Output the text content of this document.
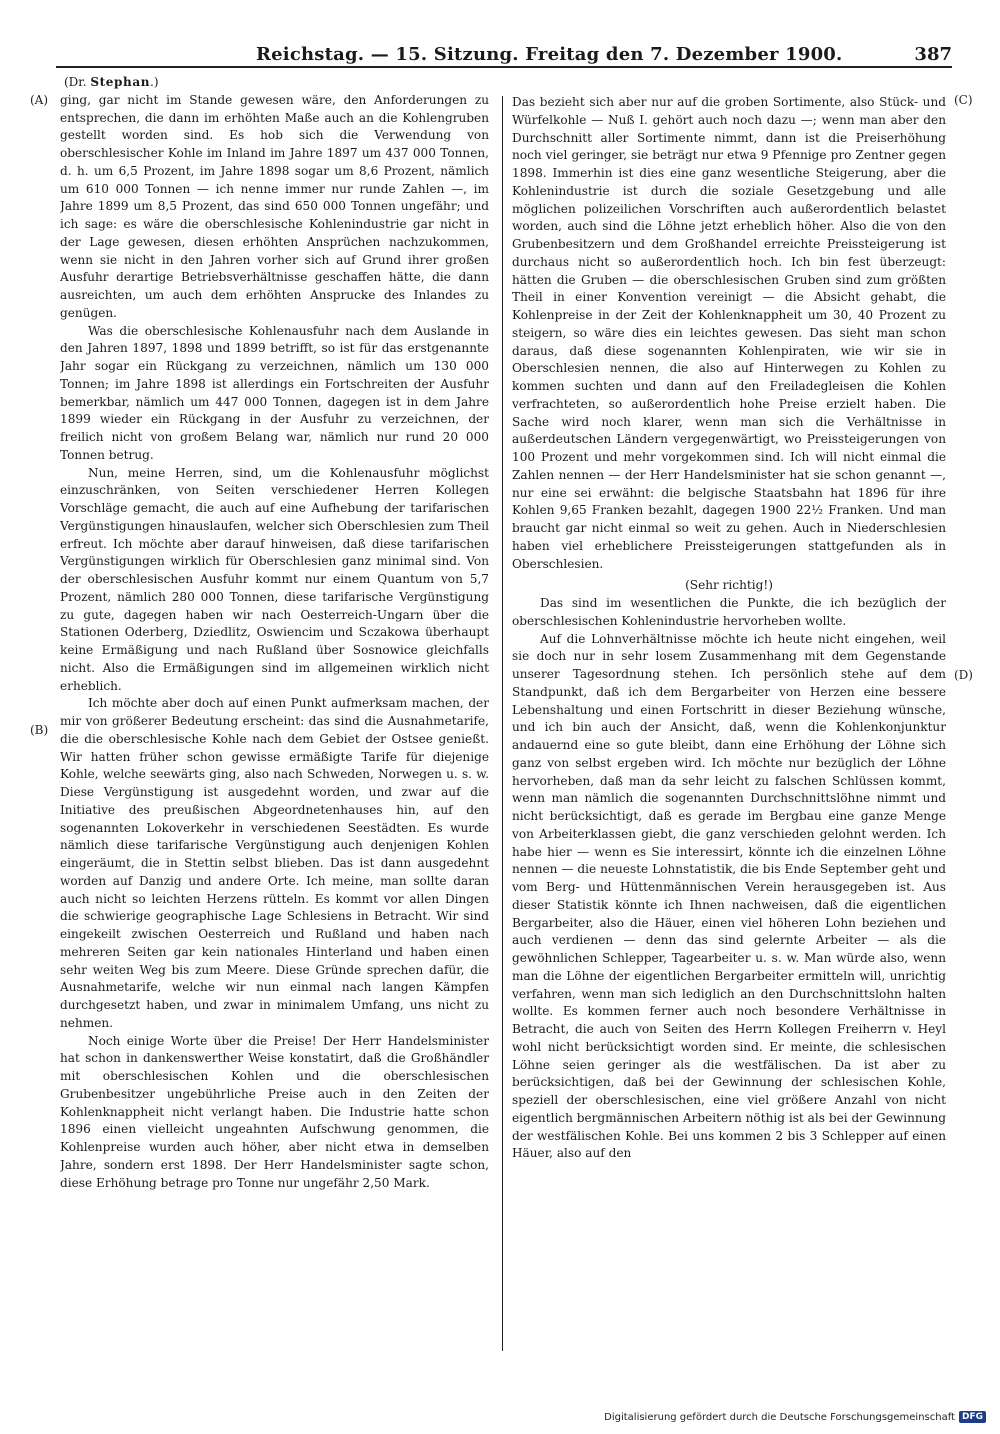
Reichstag. — 15. Sitzung. Freitag den 7. Dezember 1900.	387
(A)
(B)
(C)
(D)
(Dr. Stephan.)

ging, gar nicht im Stande gewesen wäre, den Anforderungen zu entsprechen, die dann im erhöhten Maße auch an die Kohlengruben gestellt worden sind. Es hob sich die Verwendung von oberschlesischer Kohle im Inland im Jahre 1897 um 437 000 Tonnen, d. h. um 6,5 Prozent, im Jahre 1898 sogar um 8,6 Prozent, nämlich um 610 000 Tonnen — ich nenne immer nur runde Zahlen —, im Jahre 1899 um 8,5 Prozent, das sind 650 000 Tonnen ungefähr; und ich sage: es wäre die oberschlesische Kohlenindustrie gar nicht in der Lage gewesen, diesen erhöhten Ansprüchen nachzukommen, wenn sie nicht in den Jahren vorher sich auf Grund ihrer großen Ausfuhr derartige Betriebsverhältnisse geschaffen hätte, die dann ausreichten, um auch dem erhöhten Ansprucke des Inlandes zu genügen.

Was die oberschlesische Kohlenausfuhr nach dem Auslande in den Jahren 1897, 1898 und 1899 betrifft, so ist für das erstgenannte Jahr sogar ein Rückgang zu verzeichnen, nämlich um 130 000 Tonnen; im Jahre 1898 ist allerdings ein Fortschreiten der Ausfuhr bemerkbar, nämlich um 447 000 Tonnen, dagegen ist in dem Jahre 1899 wieder ein Rückgang in der Ausfuhr zu verzeichnen, der freilich nicht von großem Belang war, nämlich nur rund 20 000 Tonnen betrug.

Nun, meine Herren, sind, um die Kohlenausfuhr möglichst einzuschränken, von Seiten verschiedener Herren Kollegen Vorschläge gemacht, die auch auf eine Aufhebung der tarifarischen Vergünstigungen hinauslaufen, welcher sich Oberschlesien zum Theil erfreut. Ich möchte aber darauf hinweisen, daß diese tarifarischen Vergünstigungen wirklich für Oberschlesien ganz minimal sind. Von der oberschlesischen Ausfuhr kommt nur einem Quantum von 5,7 Prozent, nämlich 280 000 Tonnen, diese tarifarische Vergünstigung zu gute, dagegen haben wir nach Oesterreich-Ungarn über die Stationen Oderberg, Dziedlitz, Oswiencim und Sczakowa überhaupt keine Ermäßigung und nach Rußland über Sosnowice gleichfalls nicht. Also die Ermäßigungen sind im allgemeinen wirklich nicht erheblich.

Ich möchte aber doch auf einen Punkt aufmerksam machen, der mir von größerer Bedeutung erscheint: das sind die Ausnahmetarife, die die oberschlesische Kohle nach dem Gebiet der Ostsee genießt. Wir hatten früher schon gewisse ermäßigte Tarife für diejenige Kohle, welche seewärts ging, also nach Schweden, Norwegen u. s. w. Diese Vergünstigung ist ausgedehnt worden, und zwar auf die Initiative des preußischen Abgeordnetenhauses hin, auf den sogenannten Lokoverkehr in verschiedenen Seestädten. Es wurde nämlich diese tarifarische Vergünstigung auch denjenigen Kohlen eingeräumt, die in Stettin selbst blieben. Das ist dann ausgedehnt worden auf Danzig und andere Orte. Ich meine, man sollte daran auch nicht so leichten Herzens rütteln. Es kommt vor allen Dingen die schwierige geographische Lage Schlesiens in Betracht. Wir sind eingekeilt zwischen Oesterreich und Rußland und haben nach mehreren Seiten gar kein nationales Hinterland und haben einen sehr weiten Weg bis zum Meere. Diese Gründe sprechen dafür, die Ausnahmetarife, welche wir nun einmal nach langen Kämpfen durchgesetzt haben, und zwar in minimalem Umfang, uns nicht zu nehmen.

Noch einige Worte über die Preise! Der Herr Handelsminister hat schon in dankenswerther Weise konstatirt, daß die Großhändler mit oberschlesischen Kohlen und die oberschlesischen Grubenbesitzer ungebührliche Preise auch in den Zeiten der Kohlenknappheit nicht verlangt haben. Die Industrie hatte schon 1896 einen vielleicht ungeahnten Aufschwung genommen, die Kohlenpreise wurden auch höher, aber nicht etwa in demselben Jahre, sondern erst 1898. Der Herr Handelsminister sagte schon, diese Erhöhung betrage pro Tonne nur ungefähr 2,50 Mark.

Das bezieht sich aber nur auf die groben Sortimente, also Stück- und Würfelkohle — Nuß I. gehört auch noch dazu —; wenn man aber den Durchschnitt aller Sortimente nimmt, dann ist die Preiserhöhung noch viel geringer, sie beträgt nur etwa 9 Pfennige pro Zentner gegen 1898. Immerhin ist dies eine ganz wesentliche Steigerung, aber die Kohlenindustrie ist durch die soziale Gesetzgebung und alle möglichen polizeilichen Vorschriften auch außerordentlich belastet worden, auch sind die Löhne jetzt erheblich höher. Also die von den Grubenbesitzern und dem Großhandel erreichte Preissteigerung ist durchaus nicht so außerordentlich hoch. Ich bin fest überzeugt: hätten die Gruben — die oberschlesischen Gruben sind zum größten Theil in einer Konvention vereinigt — die Absicht gehabt, die Kohlenpreise in der Zeit der Kohlenknappheit um 30, 40 Prozent zu steigern, so wäre dies ein leichtes gewesen. Das sieht man schon daraus, daß diese sogenannten Kohlenpiraten, wie wir sie in Oberschlesien nennen, die also auf Hinterwegen zu Kohlen zu kommen suchten und dann auf den Freiladegleisen die Kohlen verfrachteten, so außerordentlich hohe Preise erzielt haben. Die Sache wird noch klarer, wenn man sich die Verhältnisse in außerdeutschen Ländern vergegenwärtigt, wo Preissteigerungen von 100 Prozent und mehr vorgekommen sind. Ich will nicht einmal die Zahlen nennen — der Herr Handelsminister hat sie schon genannt —, nur eine sei erwähnt: die belgische Staatsbahn hat 1896 für ihre Kohlen 9,65 Franken bezahlt, dagegen 1900 22½ Franken. Und man braucht gar nicht einmal so weit zu gehen. Auch in Niederschlesien haben viel erheblichere Preissteigerungen stattgefunden als in Oberschlesien.

(Sehr richtig!)

Das sind im wesentlichen die Punkte, die ich bezüglich der oberschlesischen Kohlenindustrie hervorheben wollte.

Auf die Lohnverhältnisse möchte ich heute nicht eingehen, weil sie doch nur in sehr losem Zusammenhang mit dem Gegenstande unserer Tagesordnung stehen. Ich persönlich stehe auf dem Standpunkt, daß ich dem Bergarbeiter von Herzen eine bessere Lebenshaltung und einen Fortschritt in dieser Beziehung wünsche, und ich bin auch der Ansicht, daß, wenn die Kohlenkonjunktur andauernd eine so gute bleibt, dann eine Erhöhung der Löhne sich ganz von selbst ergeben wird. Ich möchte nur bezüglich der Löhne hervorheben, daß man da sehr leicht zu falschen Schlüssen kommt, wenn man nämlich die sogenannten Durchschnittslöhne nimmt und nicht berücksichtigt, daß es gerade im Bergbau eine ganze Menge von Arbeiterklassen giebt, die ganz verschieden gelohnt werden. Ich habe hier — wenn es Sie interessirt, könnte ich die einzelnen Löhne nennen — die neueste Lohnstatistik, die bis Ende September geht und vom Berg- und Hüttenmännischen Verein herausgegeben ist. Aus dieser Statistik könnte ich Ihnen nachweisen, daß die eigentlichen Bergarbeiter, also die Häuer, einen viel höheren Lohn beziehen und auch verdienen — denn das sind gelernte Arbeiter — als die gewöhnlichen Schlepper, Tagearbeiter u. s. w. Man würde also, wenn man die Löhne der eigentlichen Bergarbeiter ermitteln will, unrichtig verfahren, wenn man sich lediglich an den Durchschnittslohn halten wollte. Es kommen ferner auch noch besondere Verhältnisse in Betracht, die auch von Seiten des Herrn Kollegen Freiherrn v. Heyl wohl nicht berücksichtigt worden sind. Er meinte, die schlesischen Löhne seien geringer als die westfälischen. Da ist aber zu berücksichtigen, daß bei der Gewinnung der schlesischen Kohle, speziell der oberschlesischen, eine viel größere Anzahl von nicht eigentlich bergmännischen Arbeitern nöthig ist als bei der Gewinnung der westfälischen Kohle. Bei uns kommen 2 bis 3 Schlepper auf einen Häuer, also auf den

Digitalisierung gefördert durch die Deutsche Forschungsgemeinschaft DFG
